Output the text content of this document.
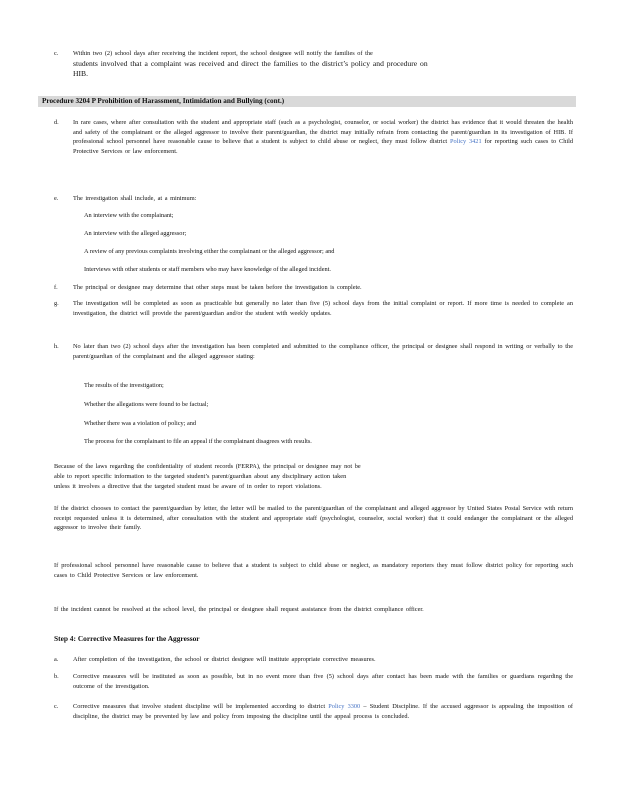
c. Within two (2) school days after receiving the incident report, the school designee will notify the families of the
students involved that a complaint was received and direct the families to the district’s policy and procedure on
HIB.
Procedure 3204 P Prohibition of Harassment, Intimidation and Bullying (cont.)
d. In rare cases, where after consultation with the student and appropriate staff (such as a psychologist, counselor, or social worker) the district has evidence that it would threaten the health and safety of the complainant or the alleged aggressor to involve their parent/guardian, the district may initially refrain from contacting the parent/guardian in its investigation of HIB. If professional school personnel have reasonable cause to believe that a student is subject to child abuse or neglect, they must follow district Policy 3421 for reporting such cases to Child Protective Services or law enforcement.
e. The investigation shall include, at a minimum:
An interview with the complainant;
An interview with the alleged aggressor;
A review of any previous complaints involving either the complainant or the alleged aggressor; and
Interviews with other students or staff members who may have knowledge of the alleged incident.
f. The principal or designee may determine that other steps must be taken before the investigation is complete.
g. The investigation will be completed as soon as practicable but generally no later than five (5) school days from the initial complaint or report. If more time is needed to complete an investigation, the district will provide the parent/guardian and/or the student with weekly updates.
h. No later than two (2) school days after the investigation has been completed and submitted to the compliance officer, the principal or designee shall respond in writing or verbally to the parent/guardian of the complainant and the alleged aggressor stating:
The results of the investigation;
Whether the allegations were found to be factual;
Whether there was a violation of policy; and
The process for the complainant to file an appeal if the complainant disagrees with results.
Because of the laws regarding the confidentiality of student records (FERPA), the principal or designee may not be
able to report specific information to the targeted student’s parent/guardian about any disciplinary action taken
unless it involves a directive that the targeted student must be aware of in order to report violations.
If the district chooses to contact the parent/guardian by letter, the letter will be mailed to the parent/guardian of the complainant and alleged aggressor by United States Postal Service with return receipt requested unless it is determined, after consultation with the student and appropriate staff (psychologist, counselor, social worker) that it could endanger the complainant or the alleged aggressor to involve their family.
If professional school personnel have reasonable cause to believe that a student is subject to child abuse or neglect, as mandatory reporters they must follow district policy for reporting such cases to Child Protective Services or law enforcement.
If the incident cannot be resolved at the school level, the principal or designee shall request assistance from the district compliance officer.
Step 4: Corrective Measures for the Aggressor
a. After completion of the investigation, the school or district designee will institute appropriate corrective measures.
b. Corrective measures will be instituted as soon as possible, but in no event more than five (5) school days after contact has been made with the families or guardians regarding the outcome of the investigation.
c. Corrective measures that involve student discipline will be implemented according to district Policy 3300 – Student Discipline. If the accused aggressor is appealing the imposition of discipline, the district may be prevented by law and policy from imposing the discipline until the appeal process is concluded.
